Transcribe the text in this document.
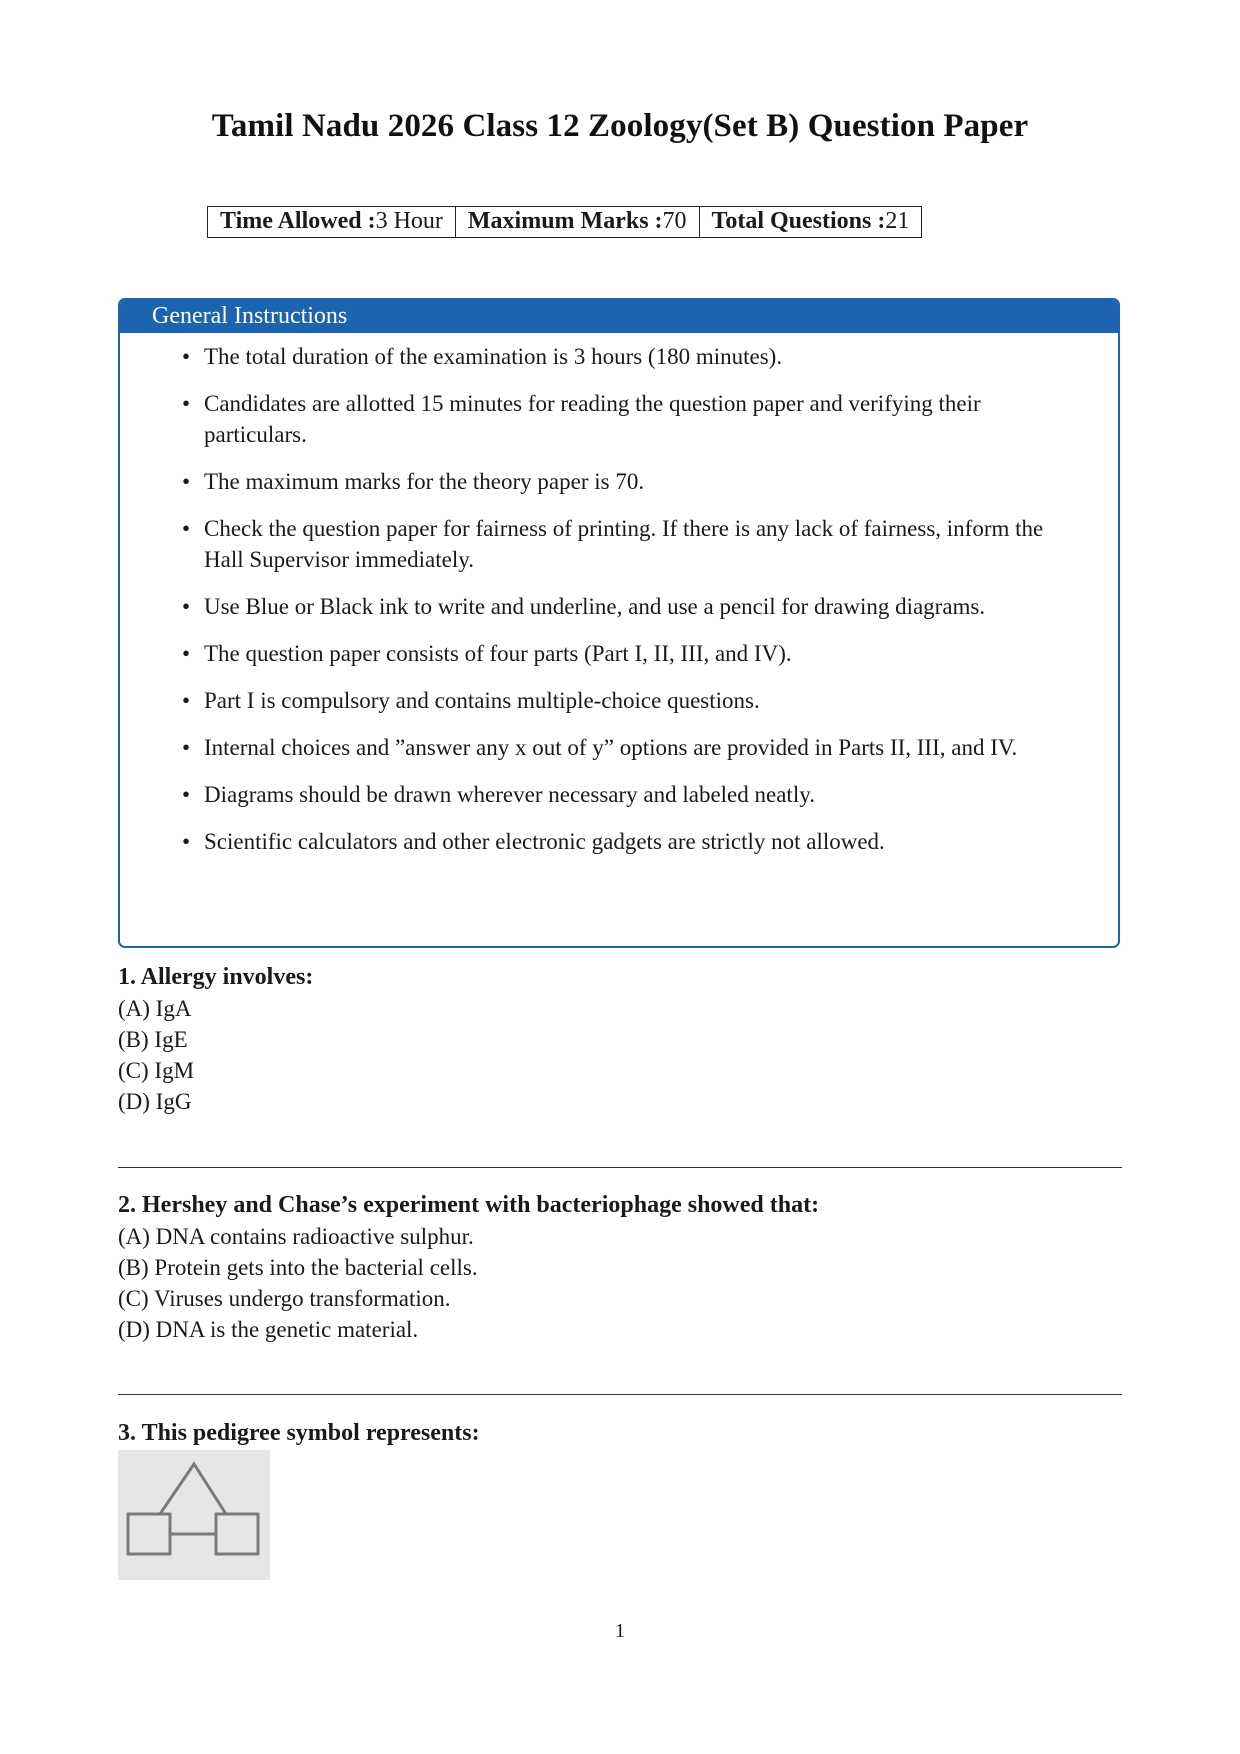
Tamil Nadu 2026 Class 12 Zoology(Set B) Question Paper
Time Allowed :3 Hour	Maximum Marks :70	Total Questions :21
General Instructions
• The total duration of the examination is 3 hours (180 minutes).
• Candidates are allotted 15 minutes for reading the question paper and verifying their particulars.
• The maximum marks for the theory paper is 70.
• Check the question paper for fairness of printing. If there is any lack of fairness, inform the Hall Supervisor immediately.
• Use Blue or Black ink to write and underline, and use a pencil for drawing diagrams.
• The question paper consists of four parts (Part I, II, III, and IV).
• Part I is compulsory and contains multiple-choice questions.
• Internal choices and ”answer any x out of y” options are provided in Parts II, III, and IV.
• Diagrams should be drawn wherever necessary and labeled neatly.
• Scientific calculators and other electronic gadgets are strictly not allowed.
1. Allergy involves:
(A) IgA
(B) IgE
(C) IgM
(D) IgG
2. Hershey and Chase’s experiment with bacteriophage showed that:
(A) DNA contains radioactive sulphur.
(B) Protein gets into the bacterial cells.
(C) Viruses undergo transformation.
(D) DNA is the genetic material.
3. This pedigree symbol represents:
1
